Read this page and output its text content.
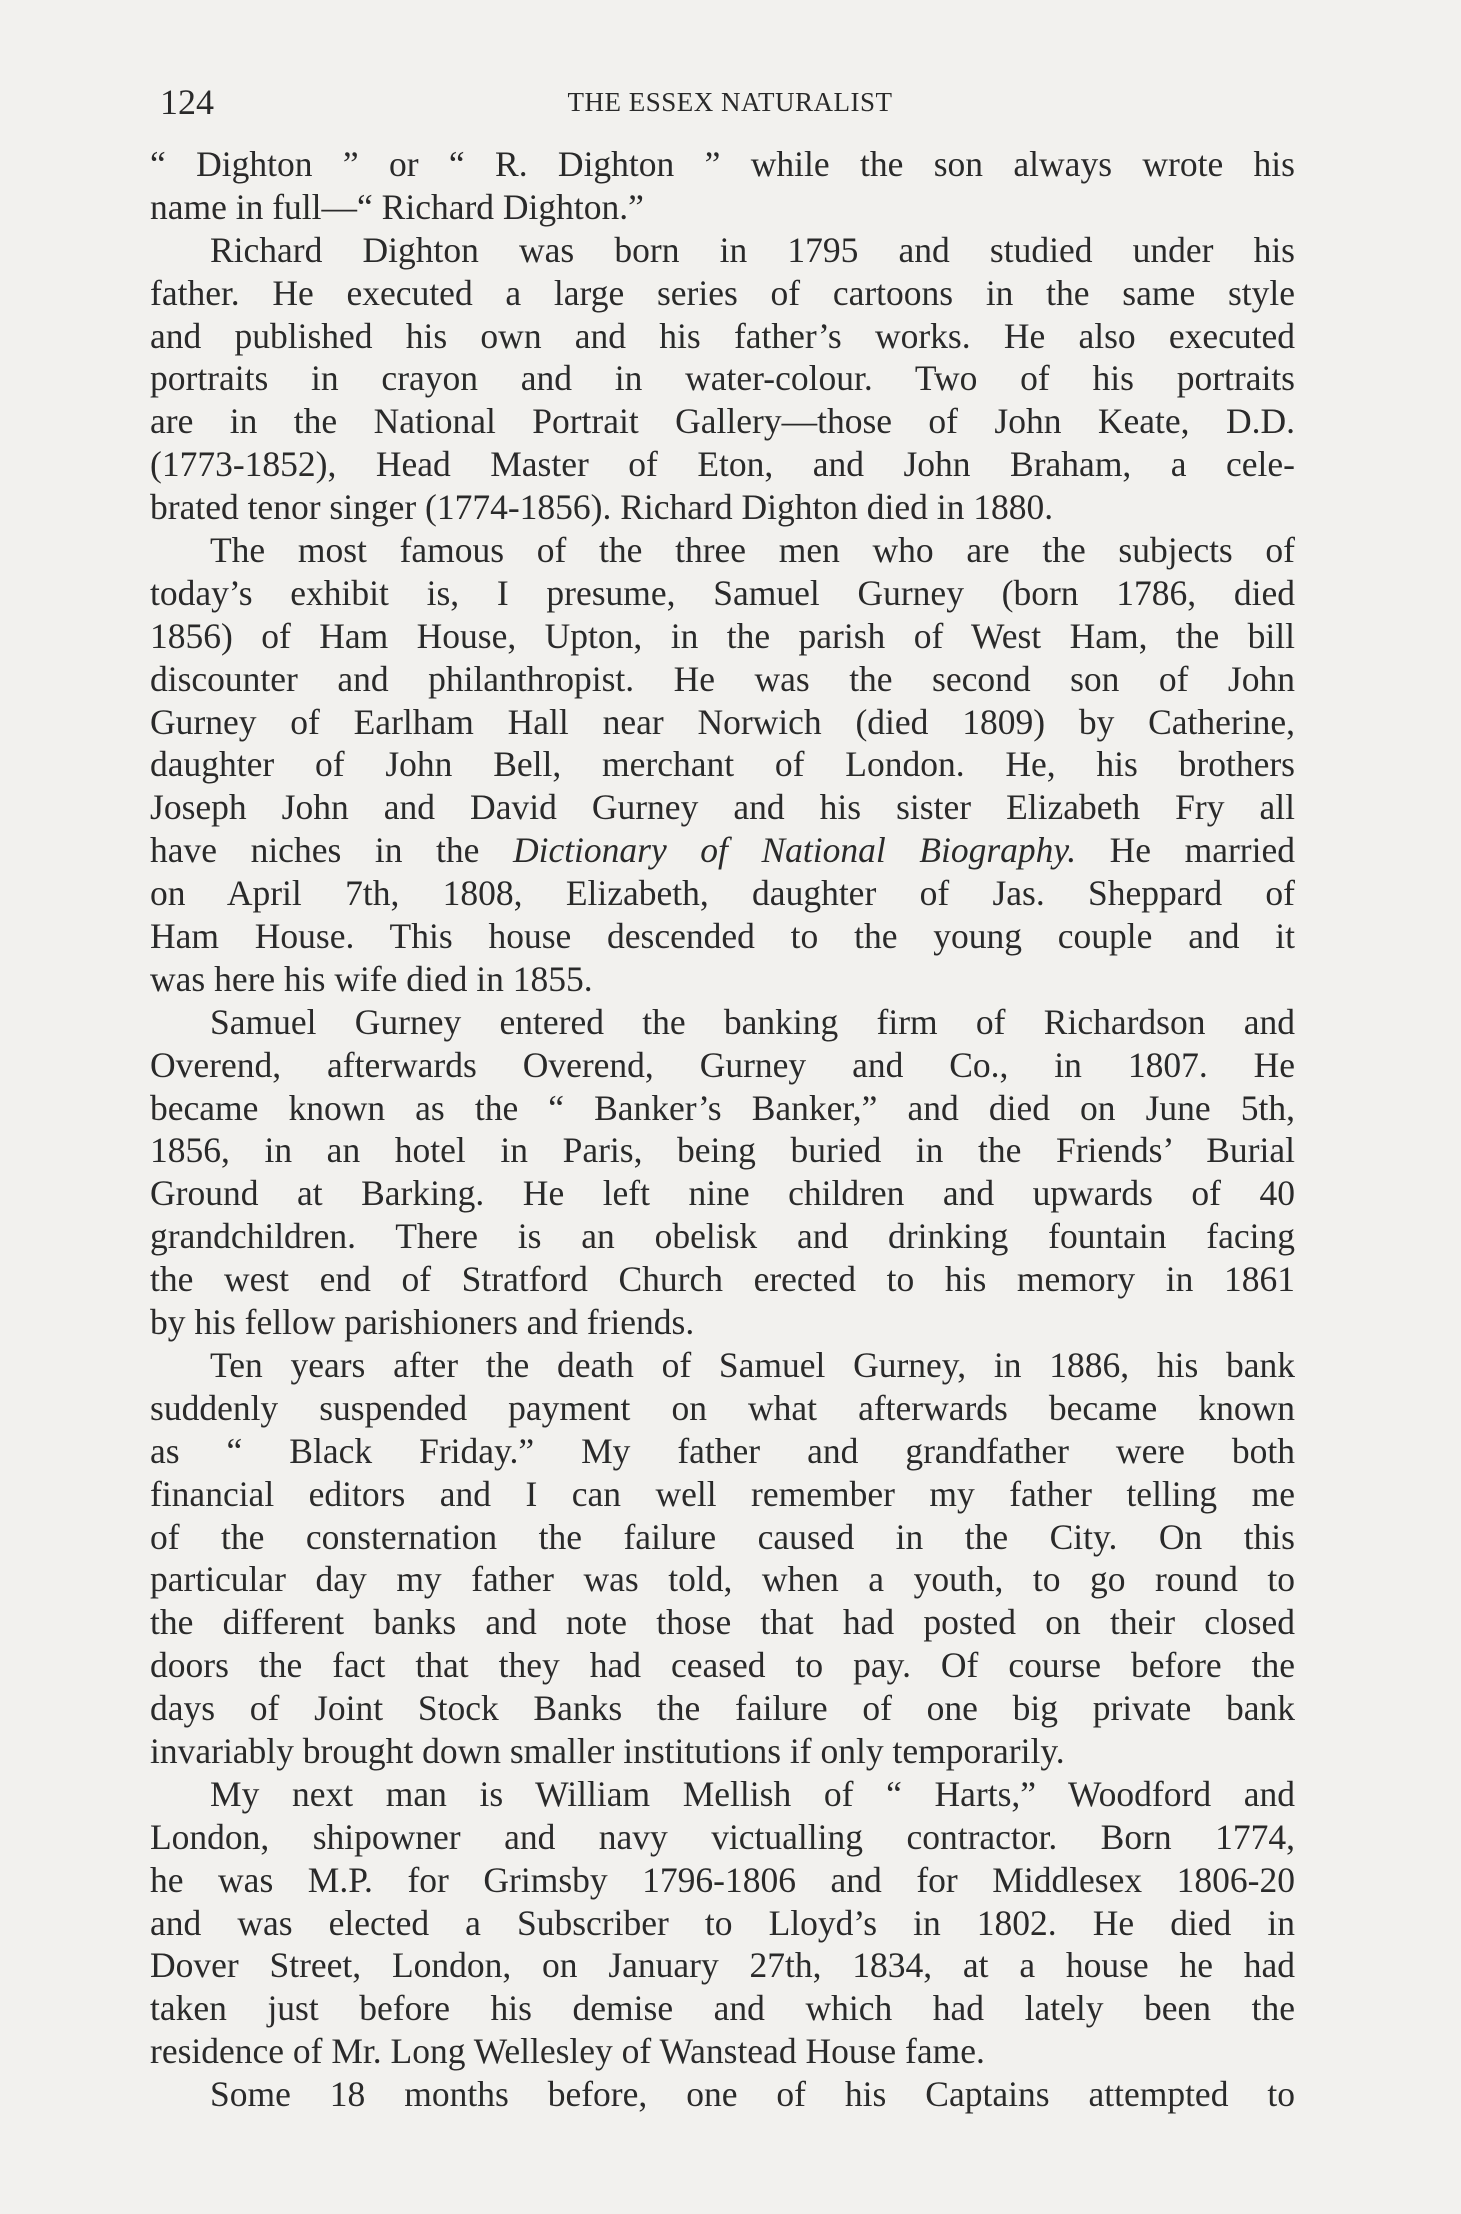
124	THE ESSEX NATURALIST
“ Dighton ” or “ R. Dighton ” while the son always wrote his
name in full—“ Richard Dighton.”
Richard Dighton was born in 1795 and studied under his
father. He executed a large series of cartoons in the same style
and published his own and his father’s works. He also executed
portraits in crayon and in water-colour. Two of his portraits
are in the National Portrait Gallery—those of John Keate, D.D.
(1773-1852), Head Master of Eton, and John Braham, a cele-
brated tenor singer (1774-1856). Richard Dighton died in 1880.
The most famous of the three men who are the subjects of
today’s exhibit is, I presume, Samuel Gurney (born 1786, died
1856) of Ham House, Upton, in the parish of West Ham, the bill
discounter and philanthropist. He was the second son of John
Gurney of Earlham Hall near Norwich (died 1809) by Catherine,
daughter of John Bell, merchant of London. He, his brothers
Joseph John and David Gurney and his sister Elizabeth Fry all
have niches in the Dictionary of National Biography. He married
on April 7th, 1808, Elizabeth, daughter of Jas. Sheppard of
Ham House. This house descended to the young couple and it
was here his wife died in 1855.
Samuel Gurney entered the banking firm of Richardson and
Overend, afterwards Overend, Gurney and Co., in 1807. He
became known as the “ Banker’s Banker,” and died on June 5th,
1856, in an hotel in Paris, being buried in the Friends’ Burial
Ground at Barking. He left nine children and upwards of 40
grandchildren. There is an obelisk and drinking fountain facing
the west end of Stratford Church erected to his memory in 1861
by his fellow parishioners and friends.
Ten years after the death of Samuel Gurney, in 1886, his bank
suddenly suspended payment on what afterwards became known
as “ Black Friday.” My father and grandfather were both
financial editors and I can well remember my father telling me
of the consternation the failure caused in the City. On this
particular day my father was told, when a youth, to go round to
the different banks and note those that had posted on their closed
doors the fact that they had ceased to pay. Of course before the
days of Joint Stock Banks the failure of one big private bank
invariably brought down smaller institutions if only temporarily.
My next man is William Mellish of “ Harts,” Woodford and
London, shipowner and navy victualling contractor. Born 1774,
he was M.P. for Grimsby 1796-1806 and for Middlesex 1806-20
and was elected a Subscriber to Lloyd’s in 1802. He died in
Dover Street, London, on January 27th, 1834, at a house he had
taken just before his demise and which had lately been the
residence of Mr. Long Wellesley of Wanstead House fame.
Some 18 months before, one of his Captains attempted to
